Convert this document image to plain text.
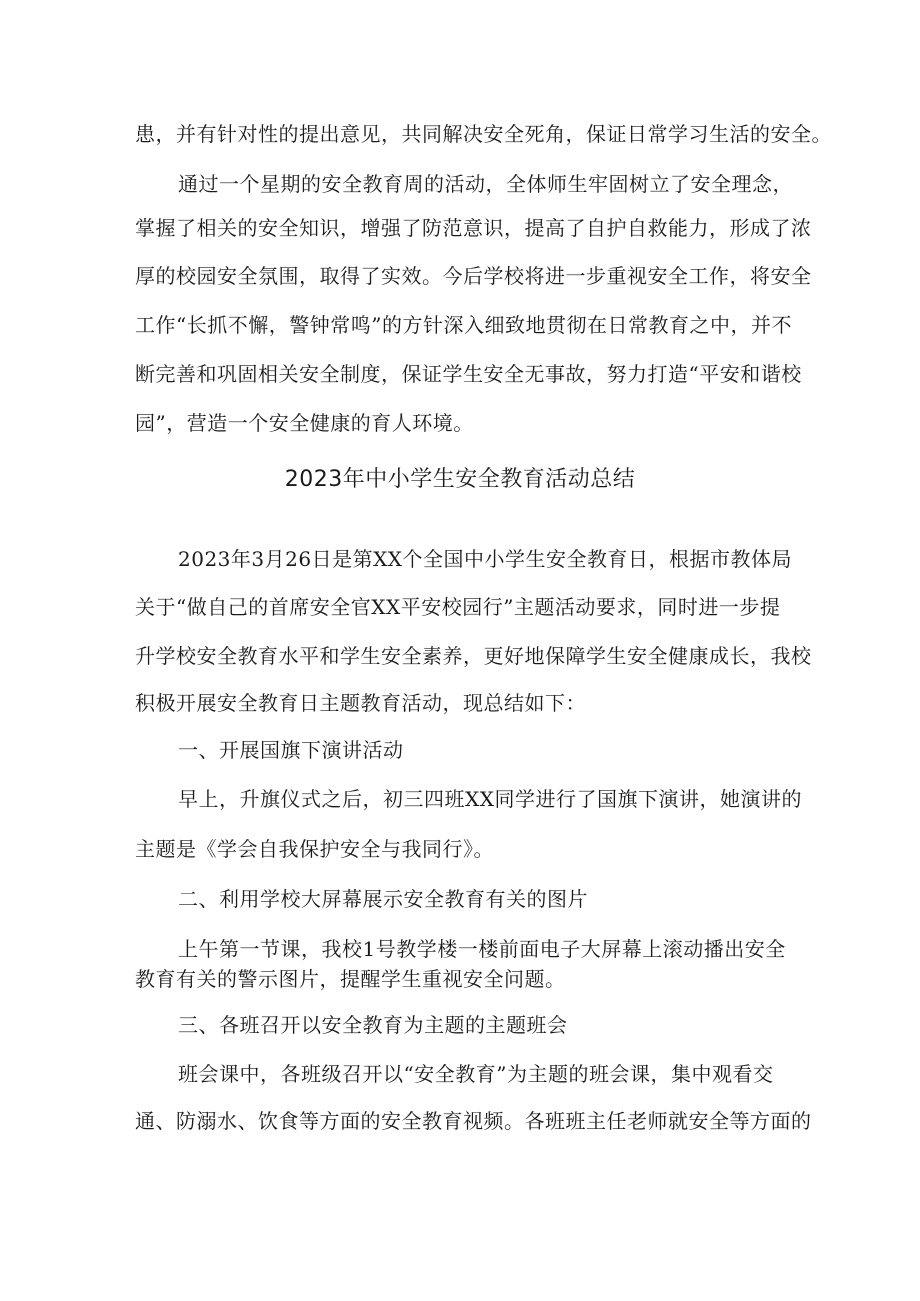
患，并有针对性的提出意见，共同解决安全死角，保证日常学习生活的安全。
通过一个星期的安全教育周的活动，全体师生牢固树立了安全理念，
掌握了相关的安全知识，增强了防范意识，提高了自护自救能力，形成了浓
厚的校园安全氛围，取得了实效。今后学校将进一步重视安全工作，将安全
工作“长抓不懈，警钟常鸣”的方针深入细致地贯彻在日常教育之中，并不
断完善和巩固相关安全制度，保证学生安全无事故，努力打造“平安和谐校
园”，营造一个安全健康的育人环境。
2023年中小学生安全教育活动总结
2023年3月26日是第XX个全国中小学生安全教育日，根据市教体局
关于“做自己的首席安全官XX平安校园行”主题活动要求，同时进一步提
升学校安全教育水平和学生安全素养，更好地保障学生安全健康成长，我校
积极开展安全教育日主题教育活动，现总结如下：
一、开展国旗下演讲活动
早上，升旗仪式之后，初三四班XX同学进行了国旗下演讲，她演讲的
主题是《学会自我保护安全与我同行》。
二、利用学校大屏幕展示安全教育有关的图片
上午第一节课，我校1号教学楼一楼前面电子大屏幕上滚动播出安全
教育有关的警示图片，提醒学生重视安全问题。
三、各班召开以安全教育为主题的主题班会
班会课中，各班级召开以“安全教育”为主题的班会课，集中观看交
通、防溺水、饮食等方面的安全教育视频。各班班主任老师就安全等方面的
